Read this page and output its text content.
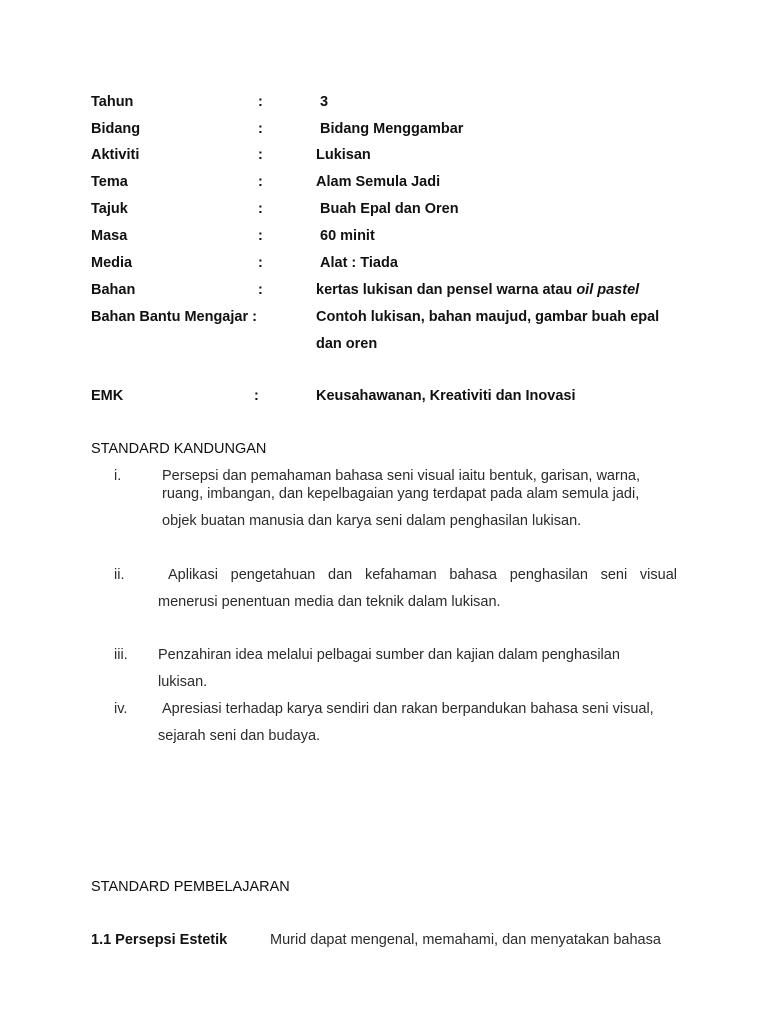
Tahun	:	3
Bidang	:	Bidang Menggambar
Aktiviti	:	Lukisan
Tema	:	Alam Semula Jadi
Tajuk	:	Buah Epal dan Oren
Masa	:	60 minit
Media	:	Alat : Tiada
Bahan	:	kertas lukisan dan pensel warna atau oil pastel
Bahan Bantu Mengajar :	Contoh lukisan, bahan maujud, gambar buah epal
dan oren
EMK	:	Keusahawanan, Kreativiti dan Inovasi
STANDARD KANDUNGAN
i.	Persepsi dan pemahaman bahasa seni visual iaitu bentuk, garisan, warna,
ruang, imbangan, dan kepelbagaian yang terdapat pada alam semula jadi,
objek buatan manusia dan karya seni dalam penghasilan lukisan.
ii.	Aplikasi pengetahuan dan kefahaman bahasa penghasilan seni visual
menerusi penentuan media dan teknik dalam lukisan.
iii. Penzahiran idea melalui pelbagai sumber dan kajian dalam penghasilan
lukisan.
iv. Apresiasi terhadap karya sendiri dan rakan berpandukan bahasa seni visual,
sejarah seni dan budaya.
STANDARD PEMBELAJARAN
1.1 Persepsi Estetik	Murid dapat mengenal, memahami, dan menyatakan bahasa
